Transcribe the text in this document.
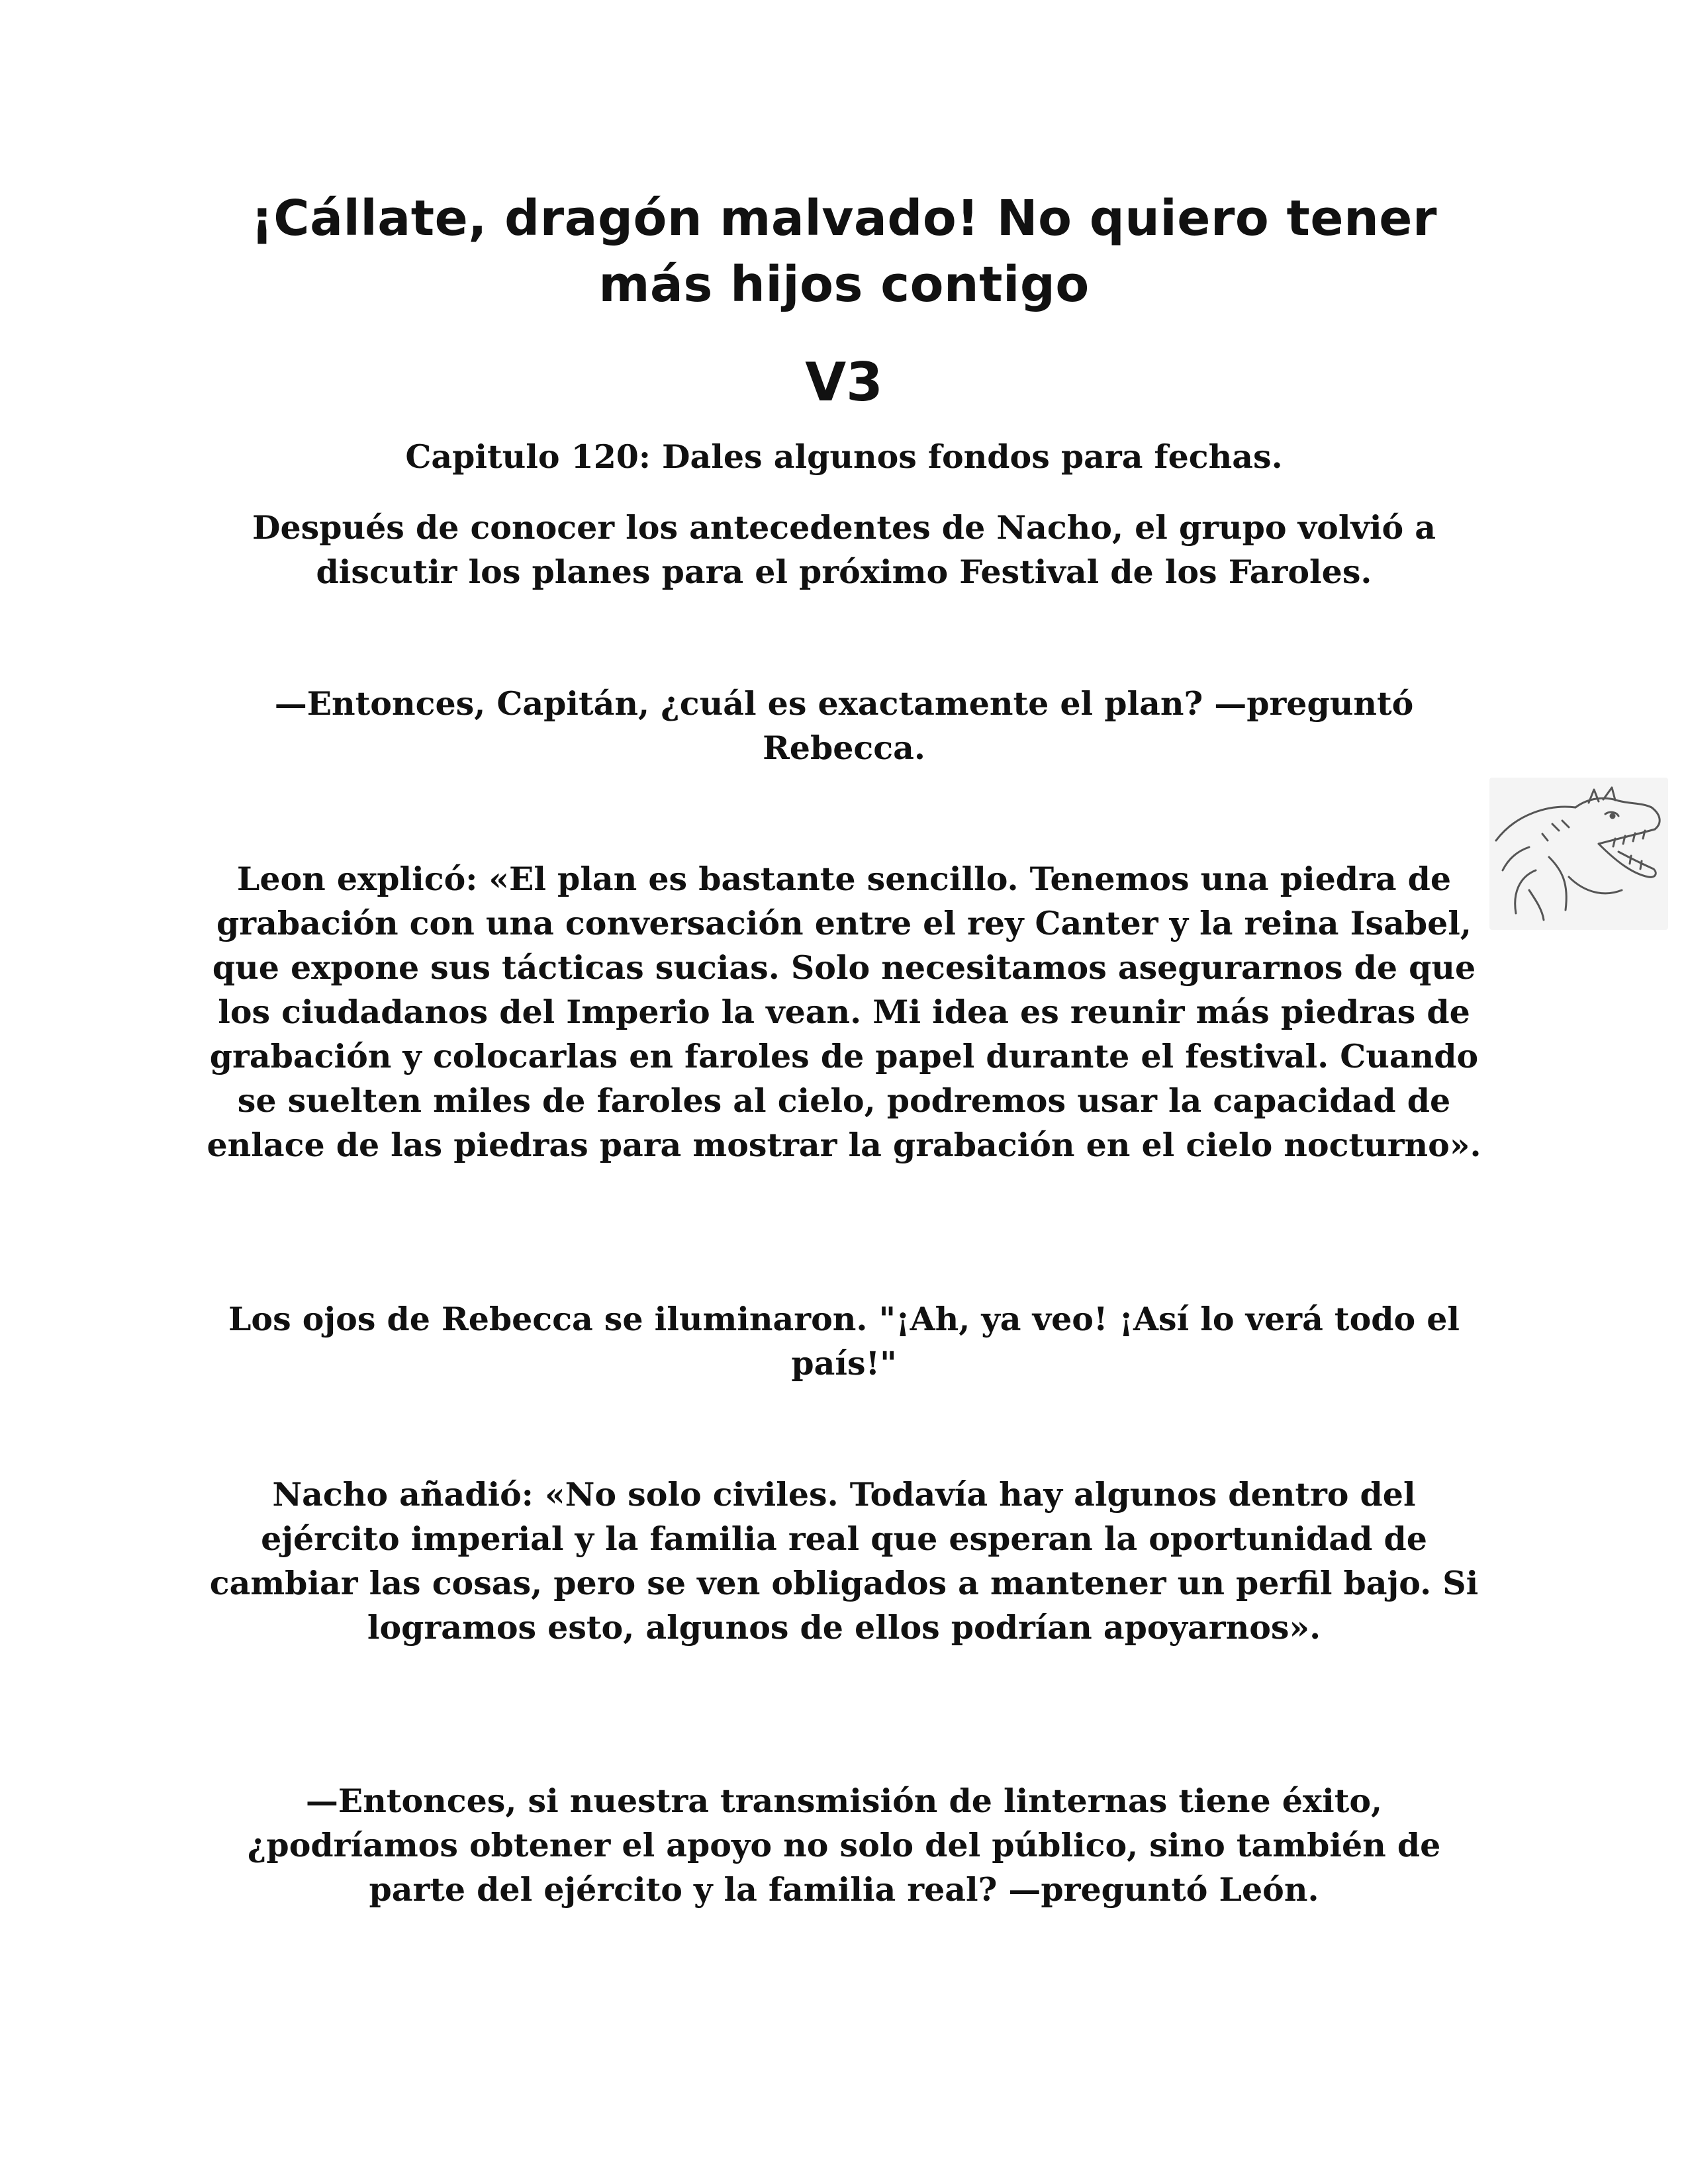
¡Cállate, dragón malvado! No quiero tener más hijos contigo
V3
Capitulo 120: Dales algunos fondos para fechas.

Después de conocer los antecedentes de Nacho, el grupo volvió a discutir los planes para el próximo Festival de los Faroles.

—Entonces, Capitán, ¿cuál es exactamente el plan? —preguntó Rebecca.

Leon explicó: «El plan es bastante sencillo. Tenemos una piedra de grabación con una conversación entre el rey Canter y la reina Isabel, que expone sus tácticas sucias. Solo necesitamos asegurarnos de que los ciudadanos del Imperio la vean. Mi idea es reunir más piedras de grabación y colocarlas en faroles de papel durante el festival. Cuando se suelten miles de faroles al cielo, podremos usar la capacidad de enlace de las piedras para mostrar la grabación en el cielo nocturno».

Los ojos de Rebecca se iluminaron. "¡Ah, ya veo! ¡Así lo verá todo el país!"

Nacho añadió: «No solo civiles. Todavía hay algunos dentro del ejército imperial y la familia real que esperan la oportunidad de cambiar las cosas, pero se ven obligados a mantener un perfil bajo. Si logramos esto, algunos de ellos podrían apoyarnos».

—Entonces, si nuestra transmisión de linternas tiene éxito, ¿podríamos obtener el apoyo no solo del público, sino también de parte del ejército y la familia real? —preguntó León.
